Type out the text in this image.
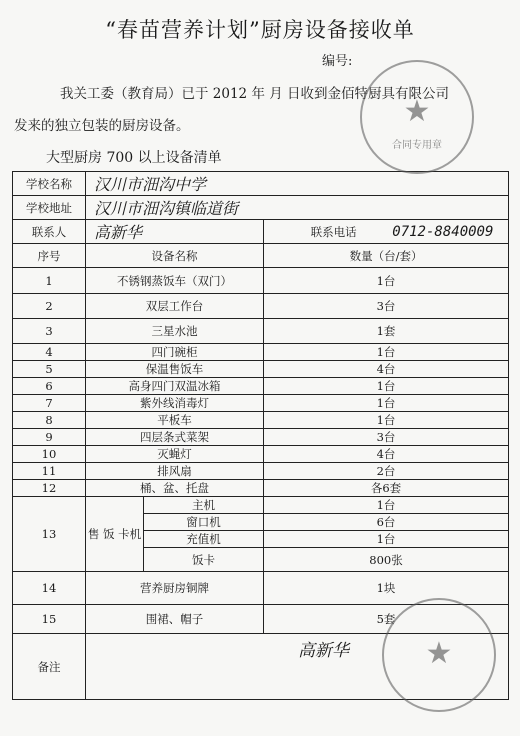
“春苗营养计划”厨房设备接收单
编号:
我关工委（教育局）已于 2012 年 月 日收到金佰特厨具有限公司
发来的独立包装的厨房设备。
大型厨房 700 以上设备清单
学校名称	汉川市沺沟中学		
学校地址	汉川市沺沟镇临道街		
联系人	高新华		联系电话 0712-8840009
序号	设备名称		数量（台/套）
1	不锈钢蒸饭车（双门）		1台
2	双层工作台		3台
3	三星水池		1套
4	四门碗柜		1台
5	保温售饭车		4台
6	高身四门双温冰箱		1台
7	紫外线消毒灯		1台
8	平板车		1台
9	四层条式菜架		3台
10	灭蝇灯		4台
11	排风扇		2台
12	桶、盆、托盘		各6套
13	售 饭 卡机	主机	1台
		窗口机	6台
		充值机	1台
		饭卡	800张
14	营养厨房铜牌		1块
15	围裙、帽子		5套
备注			
★
合同专用章
高新华	★
